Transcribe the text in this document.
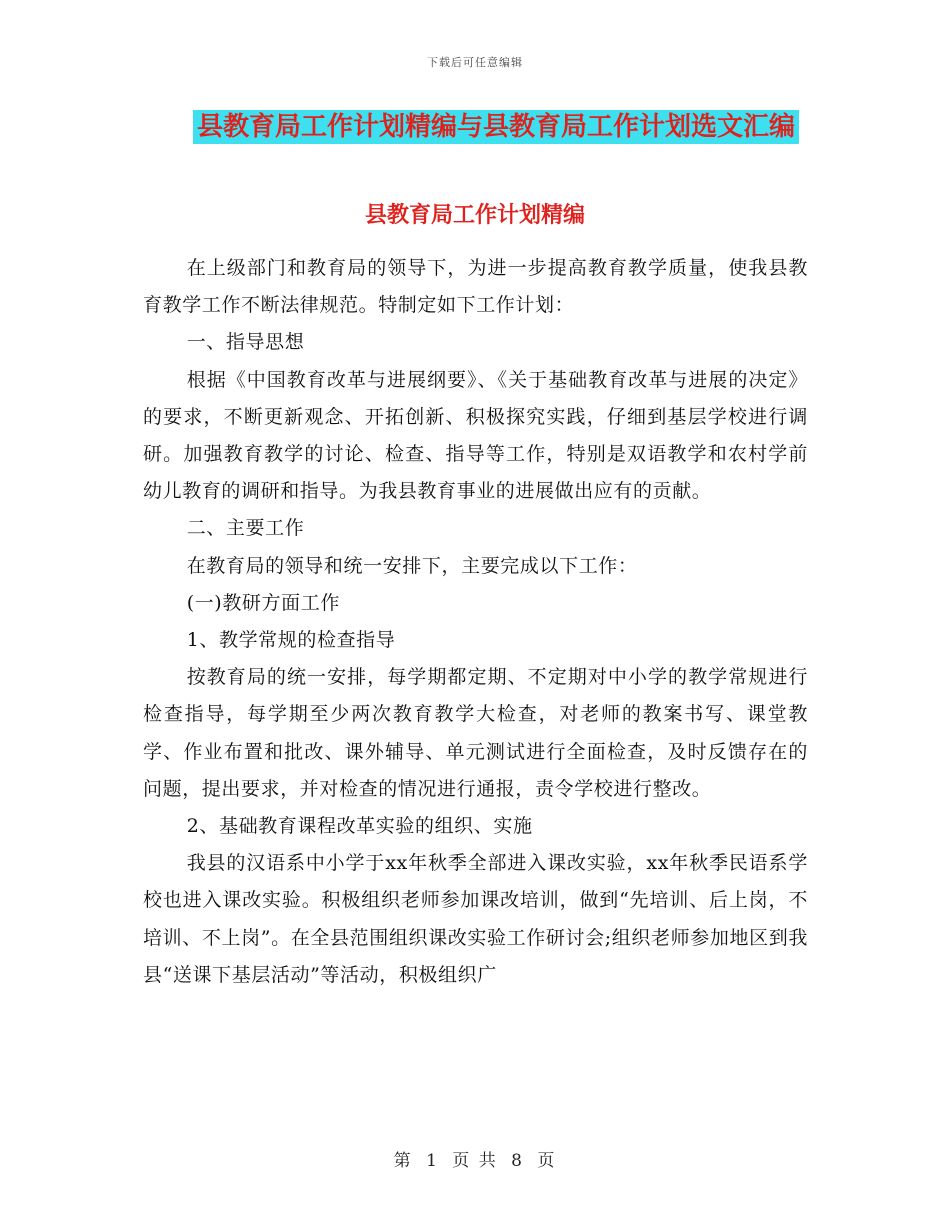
下载后可任意编辑
县教育局工作计划精编与县教育局工作计划选文汇编
县教育局工作计划精编

在上级部门和教育局的领导下，为进一步提高教育教学质量，使我县教育教学工作不断法律规范。特制定如下工作计划：

一、指导思想

根据《中国教育改革与进展纲要》、《关于基础教育改革与进展的决定》的要求，不断更新观念、开拓创新、积极探究实践，仔细到基层学校进行调研。加强教育教学的讨论、检查、指导等工作，特别是双语教学和农村学前幼儿教育的调研和指导。为我县教育事业的进展做出应有的贡献。

二、主要工作

在教育局的领导和统一安排下，主要完成以下工作：

(一)教研方面工作

1、教学常规的检查指导

按教育局的统一安排，每学期都定期、不定期对中小学的教学常规进行检查指导，每学期至少两次教育教学大检查，对老师的教案书写、课堂教学、作业布置和批改、课外辅导、单元测试进行全面检查，及时反馈存在的问题，提出要求，并对检查的情况进行通报，责令学校进行整改。

2、基础教育课程改革实验的组织、实施

我县的汉语系中小学于xx年秋季全部进入课改实验，xx年秋季民语系学校也进入课改实验。积极组织老师参加课改培训，做到“先培训、后上岗，不培训、不上岗”。在全县范围组织课改实验工作研讨会;组织老师参加地区到我县“送课下基层活动”等活动，积极组织广

第 1 页 共 8 页
